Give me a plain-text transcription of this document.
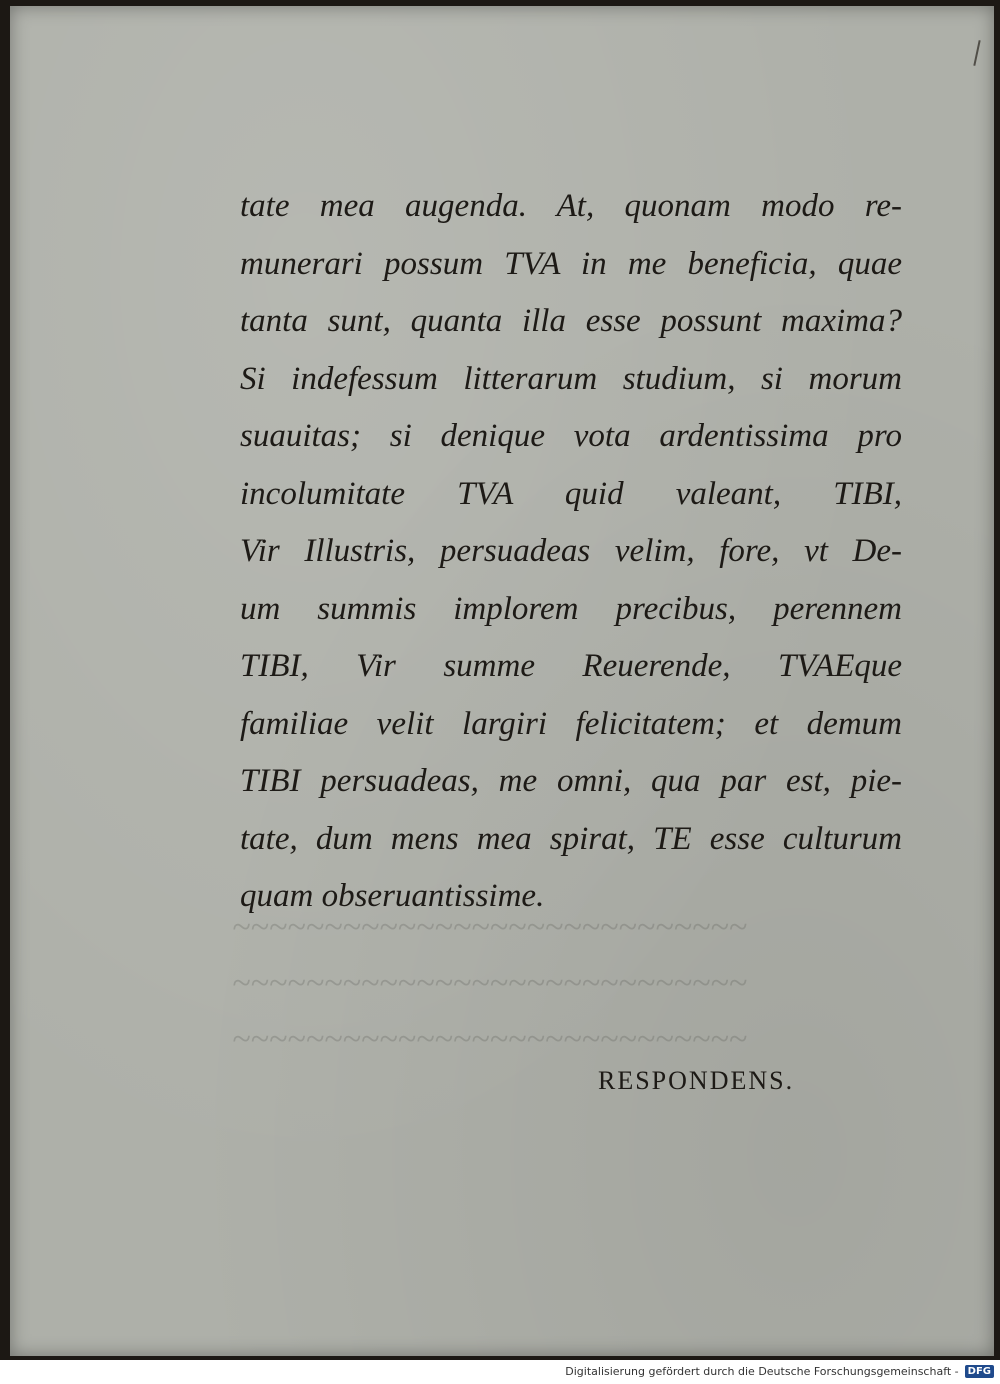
~~~~~~~~~~~~~~~~~~~~~~~~~~~~
~~~~~~~~~~~~~~~~~~~~~~~~~~~~
~~~~~~~~~~~~~~~~~~~~~~~~~~~~
tate mea augenda. At, quonam modo re-
munerari possum TVA in me beneficia, quae
tanta sunt, quanta illa esse possunt maxima?
Si indefessum litterarum studium, si morum
suauitas; si denique vota ardentissima pro
incolumitate TVA quid valeant, TIBI,
Vir Illustris, persuadeas velim, fore, vt De-
um summis implorem precibus, perennem
TIBI, Vir summe Reuerende, TVAEque
familiae velit largiri felicitatem; et demum
TIBI persuadeas, me omni, qua par est, pie-
tate, dum mens mea spirat, TE esse culturum
quam obseruantissime.
RESPONDENS.
Digitalisierung gefördert durch die Deutsche Forschungsgemeinschaft - DFG
